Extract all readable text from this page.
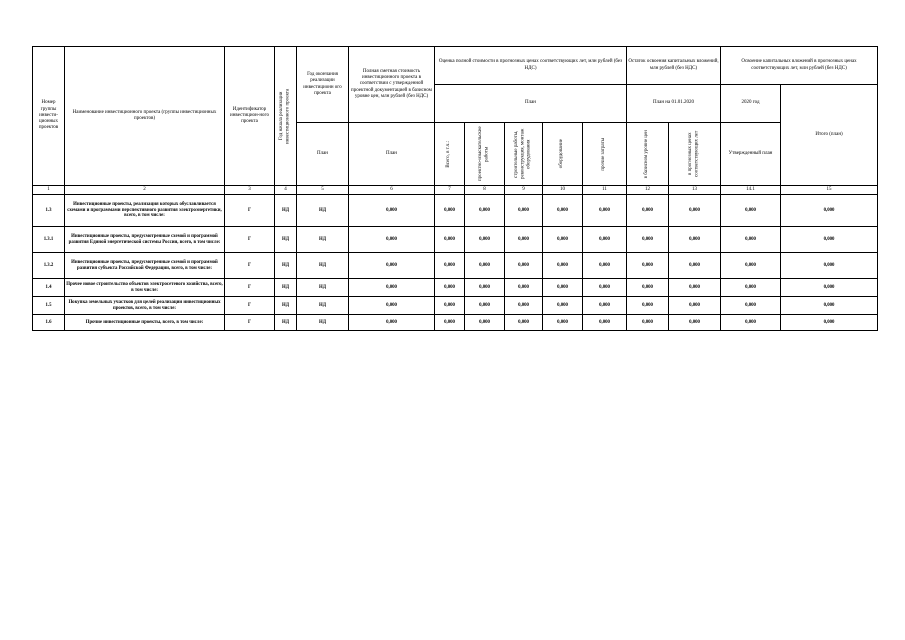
Номер группы инвести-ционных проектов	Наименование инвестиционного проекта (группы инвестиционных проектов)	Идентификатор инвестицион-ного проекта	Год начала реализации инвестиционного проекта	Год окончания реализации инвестиционн ого проекта	Полная сметная стоимость инвестиционного проекта в соответствии с утвержденной проектной документацией в базисном уровне цен, млн рублей (без НДС)	Оценка полной стоимости в прогнозных ценах соответствующих лет, млн рублей (без НДС)					Остаток освоения капитальных вложений, млн рублей (без НДС)		Освоение капитальных вложений в прогнозных ценах соответствующих лет, млн рублей (без НДС)	
						План					План на 01.01.2020		2020 год	Итого (план)
				План	План	Всего, в т.ч.:	проектно-изыскательские работы	строительные работы, реконструкция, монтаж оборудования	оборудование	прочие затраты	в базисном уровне цен	в прогнозных ценах соответствующих лет	Утвержденный план	
1	2	3	4	5	6	7	8	9	10	11	12	13	14.1	15
1.3	Инвестиционные проекты, реализация которых обуславливается схемами и программами перспективного развития электроэнергетики, всего, в том числе:	Г	НД	НД	0,000	0,000	0,000	0,000	0,000	0,000	0,000	0,000	0,000	0,000
1.3.1	Инвестиционные проекты, предусмотренные схемой и программой развития Единой энергетической системы России, всего, в том числе:	Г	НД	НД	0,000	0,000	0,000	0,000	0,000	0,000	0,000	0,000	0,000	0,000
1.3.2	Инвестиционные проекты, предусмотренные схемой и программой развития субъекта Российской Федерации, всего, в том числе:	Г	НД	НД	0,000	0,000	0,000	0,000	0,000	0,000	0,000	0,000	0,000	0,000
1.4	Прочее новое строительство объектов электросетевого хозяйства, всего, в том числе:	Г	НД	НД	0,000	0,000	0,000	0,000	0,000	0,000	0,000	0,000	0,000	0,000
1.5	Покупка земельных участков для целей реализации инвестиционных проектов, всего, в том числе:	Г	НД	НД	0,000	0,000	0,000	0,000	0,000	0,000	0,000	0,000	0,000	0,000
1.6	Прочие инвестиционные проекты, всего, в том числе:	Г	НД	НД	0,000	0,000	0,000	0,000	0,000	0,000	0,000	0,000	0,000	0,000
